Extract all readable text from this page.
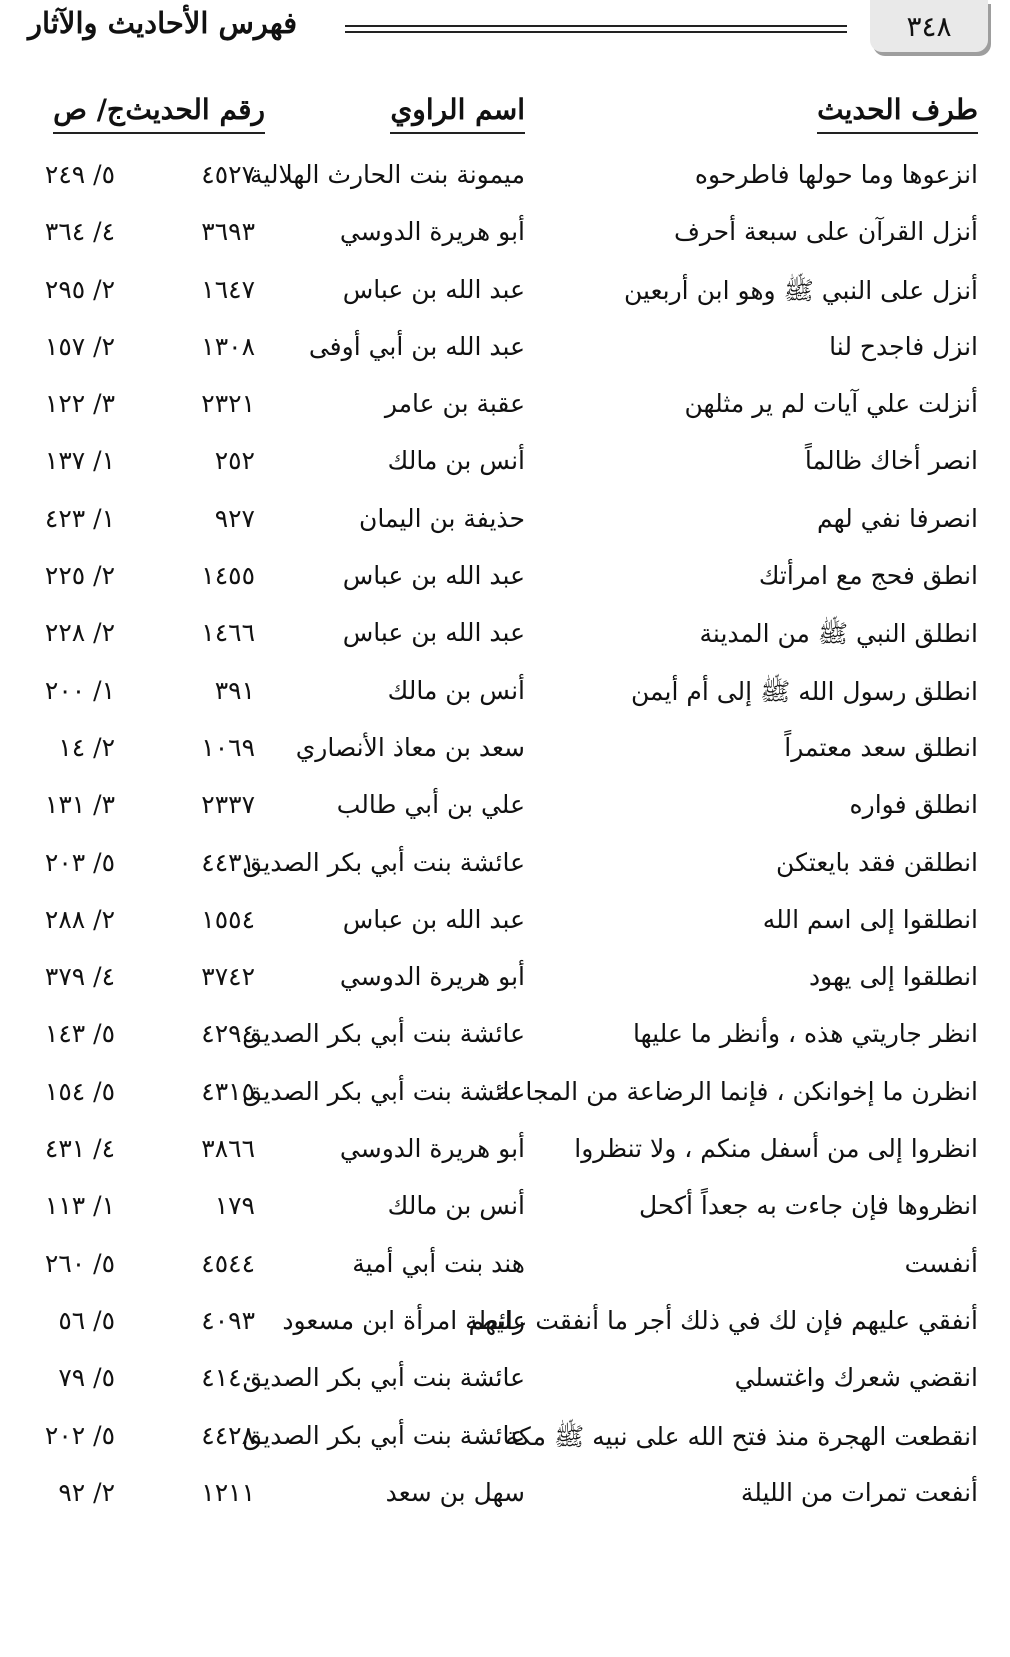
٣٤٨
فهرس الأحاديث والآثار
طرف الحديث
اسم الراوي
رقم الحديث
ج/ ص
انزعوها وما حولها فاطرحوه
ميمونة بنت الحارث الهلالية
٤٥٢٧
٥/ ٢٤٩
أنزل القرآن على سبعة أحرف
أبو هريرة الدوسي
٣٦٩٣
٤/ ٣٦٤
أنزل على النبي ﷺ وهو ابن أربعين
عبد الله بن عباس
١٦٤٧
٢/ ٢٩٥
انزل فاجدح لنا
عبد الله بن أبي أوفى
١٣٠٨
٢/ ١٥٧
أنزلت علي آيات لم ير مثلهن
عقبة بن عامر
٢٣٢١
٣/ ١٢٢
انصر أخاك ظالماً
أنس بن مالك
٢٥٢
١/ ١٣٧
انصرفا نفي لهم
حذيفة بن اليمان
٩٢٧
١/ ٤٢٣
انطق فحج مع امرأتك
عبد الله بن عباس
١٤٥٥
٢/ ٢٢٥
انطلق النبي ﷺ من المدينة
عبد الله بن عباس
١٤٦٦
٢/ ٢٢٨
انطلق رسول الله ﷺ إلى أم أيمن
أنس بن مالك
٣٩١
١/ ٢٠٠
انطلق سعد معتمراً
سعد بن معاذ الأنصاري
١٠٦٩
٢/ ١٤
انطلق فواره
علي بن أبي طالب
٢٣٣٧
٣/ ١٣١
انطلقن فقد بايعتكن
عائشة بنت أبي بكر الصديق
٤٤٣١
٥/ ٢٠٣
انطلقوا إلى اسم الله
عبد الله بن عباس
١٥٥٤
٢/ ٢٨٨
انطلقوا إلى يهود
أبو هريرة الدوسي
٣٧٤٢
٤/ ٣٧٩
انظر جاريتي هذه ، وأنظر ما عليها
عائشة بنت أبي بكر الصديق
٤٢٩٤
٥/ ١٤٣
انظرن ما إخوانكن ، فإنما الرضاعة من المجاعة
عائشة بنت أبي بكر الصديق
٤٣١٥
٥/ ١٥٤
انظروا إلى من أسفل منكم ، ولا تنظروا
أبو هريرة الدوسي
٣٨٦٦
٤/ ٤٣١
انظروها فإن جاءت به جعداً أكحل
أنس بن مالك
١٧٩
١/ ١١٣
أنفست
هند بنت أبي أمية
٤٥٤٤
٥/ ٢٦٠
أنفقي عليهم فإن لك في ذلك أجر ما أنفقت عليهم
رائطة امرأة ابن مسعود
٤٠٩٣
٥/ ٥٦
انقضي شعرك واغتسلي
عائشة بنت أبي بكر الصديق
٤١٤٠
٥/ ٧٩
انقطعت الهجرة منذ فتح الله على نبيه ﷺ مكة
عائشة بنت أبي بكر الصديق
٤٤٢٨
٥/ ٢٠٢
أنفعت تمرات من الليلة
سهل بن سعد
١٢١١
٢/ ٩٢
